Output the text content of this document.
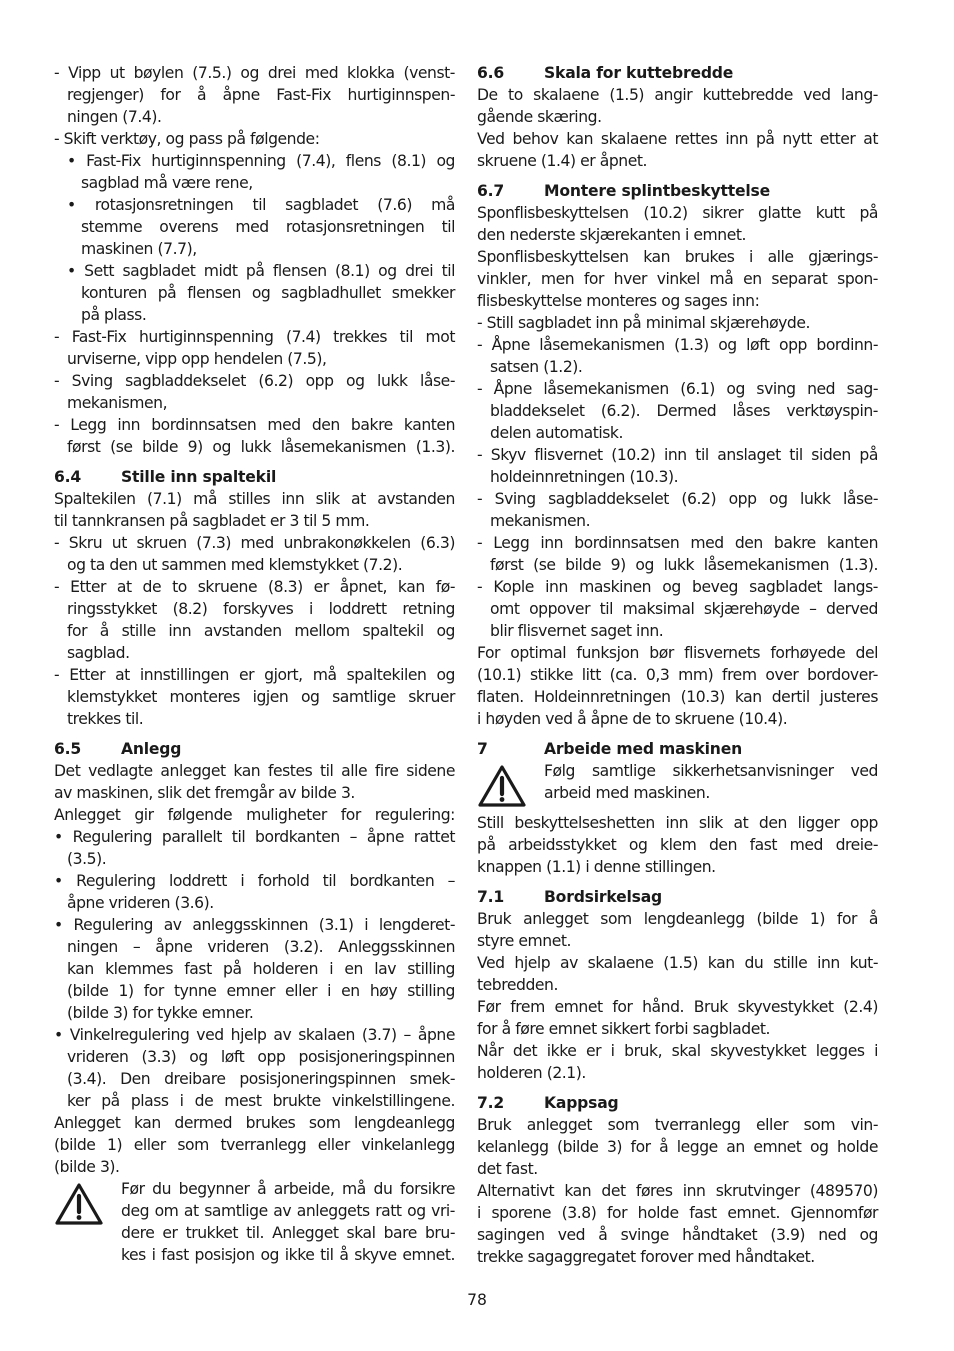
- Vipp ut bøylen (7.5.) og drei med klokka (venst-
regjenger) for å åpne Fast-Fix hurtiginnspen-
ningen (7.4).
- Skift verktøy, og pass på følgende:
• Fast-Fix hurtiginnspenning (7.4), flens (8.1) og
sagblad må være rene,
• rotasjonsretningen til sagbladet (7.6) må
stemme overens med rotasjonsretningen til
maskinen (7.7),
• Sett sagbladet midt på flensen (8.1) og drei til
konturen på flensen og sagbladhullet smekker
på plass.
- Fast-Fix hurtiginnspenning (7.4) trekkes til mot
urviserne, vipp opp hendelen (7.5),
- Sving sagbladdekselet (6.2) opp og lukk låse-
mekanismen,
- Legg inn bordinnsatsen med den bakre kanten
først (se bilde 9) og lukk låsemekanismen (1.3).
6.4	Stille inn spaltekil
Spaltekilen (7.1) må stilles inn slik at avstanden
til tannkransen på sagbladet er 3 til 5 mm.
- Skru ut skruen (7.3) med unbrakonøkkelen (6.3)
og ta den ut sammen med klemstykket (7.2).
- Etter at de to skruene (8.3) er åpnet, kan fø-
ringsstykket (8.2) forskyves i loddrett retning
for å stille inn avstanden mellom spaltekil og
sagblad.
- Etter at innstillingen er gjort, må spaltekilen og
klemstykket monteres igjen og samtlige skruer
trekkes til.
6.5	Anlegg
Det vedlagte anlegget kan festes til alle fire sidene
av maskinen, slik det fremgår av bilde 3.
Anlegget gir følgende muligheter for regulering:
• Regulering parallelt til bordkanten – åpne rattet
(3.5).
• Regulering loddrett i forhold til bordkanten –
åpne vrideren (3.6).
• Regulering av anleggsskinnen (3.1) i lengderet-
ningen – åpne vrideren (3.2). Anleggsskinnen
kan klemmes fast på holderen i en lav stilling
(bilde 1) for tynne emner eller i en høy stilling
(bilde 3) for tykke emner.
• Vinkelregulering ved hjelp av skalaen (3.7) – åpne
vrideren (3.3) og løft opp posisjoneringspinnen
(3.4). Den dreibare posisjoneringspinnen smek-
ker på plass i de mest brukte vinkelstillingene.
Anlegget kan dermed brukes som lengdeanlegg
(bilde 1) eller som tverranlegg eller vinkelanlegg
(bilde 3).
Før du begynner å arbeide, må du forsikre
deg om at samtlige av anleggets ratt og vri-
dere er trukket til. Anlegget skal bare bru-
kes i fast posisjon og ikke til å skyve emnet.
6.6	Skala for kuttebredde
De to skalaene (1.5) angir kuttebredde ved lang-
gående skæring.
Ved behov kan skalaene rettes inn på nytt etter at
skruene (1.4) er åpnet.
6.7	Montere splintbeskyttelse
Sponflisbeskyttelsen (10.2) sikrer glatte kutt på
den nederste skjærekanten i emnet.
Sponflisbeskyttelsen kan brukes i alle gjærings-
vinkler, men for hver vinkel må en separat spon-
flisbeskyttelse monteres og sages inn:
- Still sagbladet inn på minimal skjærehøyde.
- Åpne låsemekanismen (1.3) og løft opp bordinn-
satsen (1.2).
- Åpne låsemekanismen (6.1) og sving ned sag-
bladdekselet (6.2). Dermed låses verktøyspin-
delen automatisk.
- Skyv flisvernet (10.2) inn til anslaget til siden på
holdeinnretningen (10.3).
- Sving sagbladdekselet (6.2) opp og lukk låse-
mekanismen.
- Legg inn bordinnsatsen med den bakre kanten
først (se bilde 9) og lukk låsemekanismen (1.3).
- Kople inn maskinen og beveg sagbladet langs-
omt oppover til maksimal skjærehøyde – derved
blir flisvernet saget inn.
For optimal funksjon bør flisvernets forhøyede del
(10.1) stikke litt (ca. 0,3 mm) frem over bordover-
flaten. Holdeinnretningen (10.3) kan dertil justeres
i høyden ved å åpne de to skruene (10.4).
7	Arbeide med maskinen
Følg samtlige sikkerhetsanvisninger ved
arbeid med maskinen.
Still beskyttelseshetten inn slik at den ligger opp
på arbeidsstykket og klem den fast med dreie-
knappen (1.1) i denne stillingen.
7.1	Bordsirkelsag
Bruk anlegget som lengdeanlegg (bilde 1) for å
styre emnet.
Ved hjelp av skalaene (1.5) kan du stille inn kut-
tebredden.
Før frem emnet for hånd. Bruk skyvestykket (2.4)
for å føre emnet sikkert forbi sagbladet.
Når det ikke er i bruk, skal skyvestykket legges i
holderen (2.1).
7.2	Kappsag
Bruk anlegget som tverranlegg eller som vin-
kelanlegg (bilde 3) for å legge an emnet og holde
det fast.
Alternativt kan det føres inn skrutvinger (489570)
i sporene (3.8) for holde fast emnet. Gjennomfør
sagingen ved å svinge håndtaket (3.9) ned og
trekke sagaggregatet forover med håndtaket.
78
